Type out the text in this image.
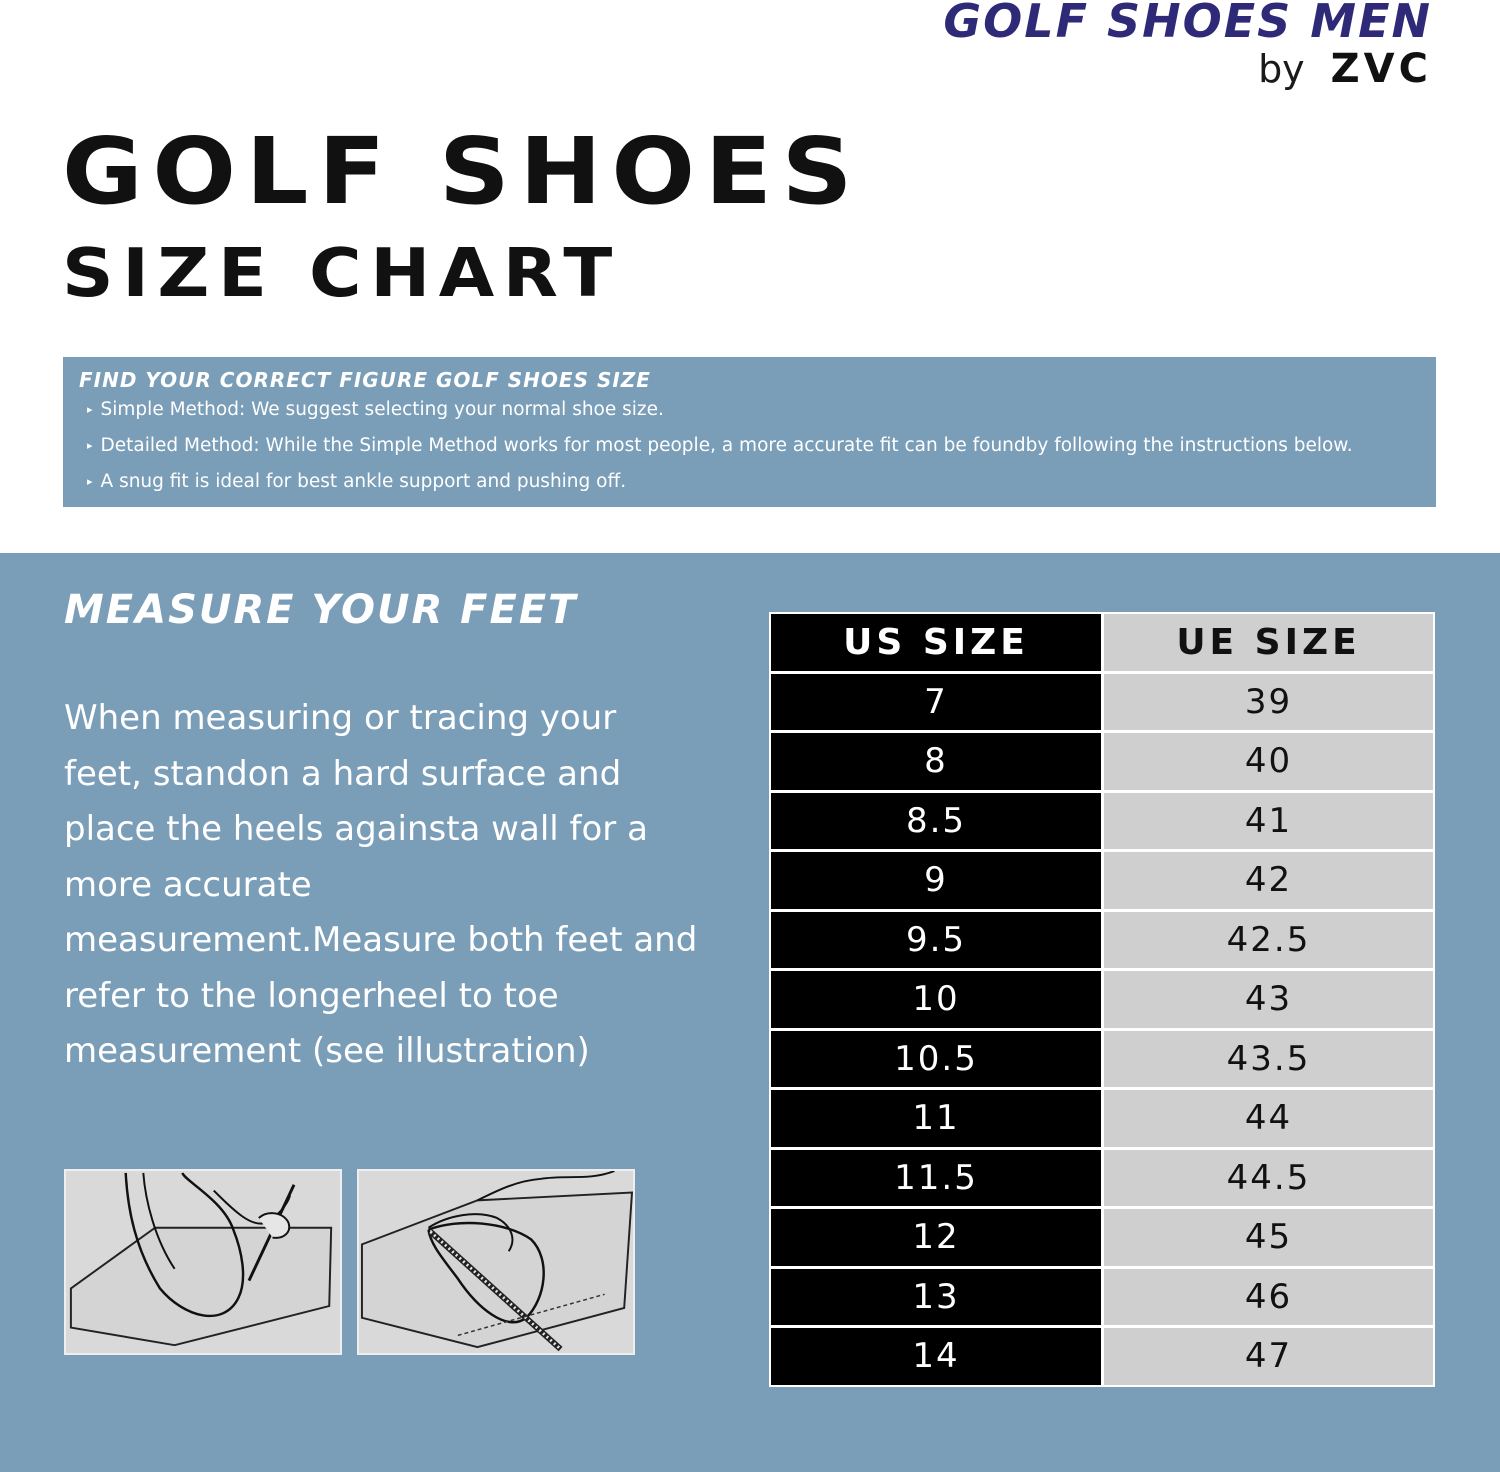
GOLF SHOES MEN
by ZVC
GOLF SHOES
SIZE CHART
FIND YOUR CORRECT FIGURE GOLF SHOES SIZE
▸ Simple Method: We suggest selecting your normal shoe size.
▸ Detailed Method: While the Simple Method works for most people, a more accurate fit can be foundby following the instructions below.
▸ A snug fit is ideal for best ankle support and pushing off.
MEASURE YOUR FEET
When measuring or tracing your feet, standon a hard surface and place the heels againsta wall for a more accurate measurement.Measure both feet and refer to the longerheel to toe measurement (see illustration)
US SIZE	UE SIZE
7	39
8	40
8.5	41
9	42
9.5	42.5
10	43
10.5	43.5
11	44
11.5	44.5
12	45
13	46
14	47
